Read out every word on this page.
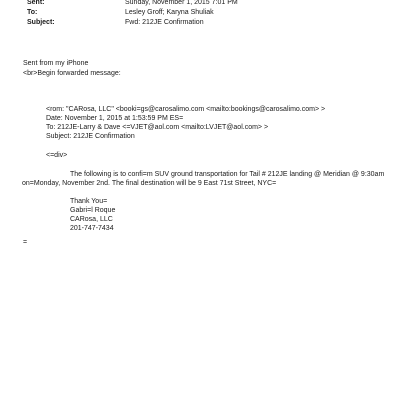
Sent:	Sunday, November 1, 2015 7:01 PM
To:	Lesley Groff; Karyna Shuliak
Subject:	Fwd: 212JE Confirmation
Sent from my iPhone
<br>Begin forwarded message:
<rom: "CARosa, LLC" <booki=gs@carosalimo.com <mailto:bookings@carosalimo.com> >
Date: November 1, 2015 at 1:53:59 PM ES=
To: 212JE-Larry & Dave <=VJET@aol.com <mailto:LVJET@aol.com> >
Subject: 212JE Confirmation
<=div>
The following is to confi=m SUV ground transportation for Tail # 212JE landing @ Meridian @ 9:30am
on=Monday, November 2nd. The final destination will be 9 East 71st Street, NYC=
Thank You=
Gabri=l Roque
CARosa, LLC
201-747-7434
=
